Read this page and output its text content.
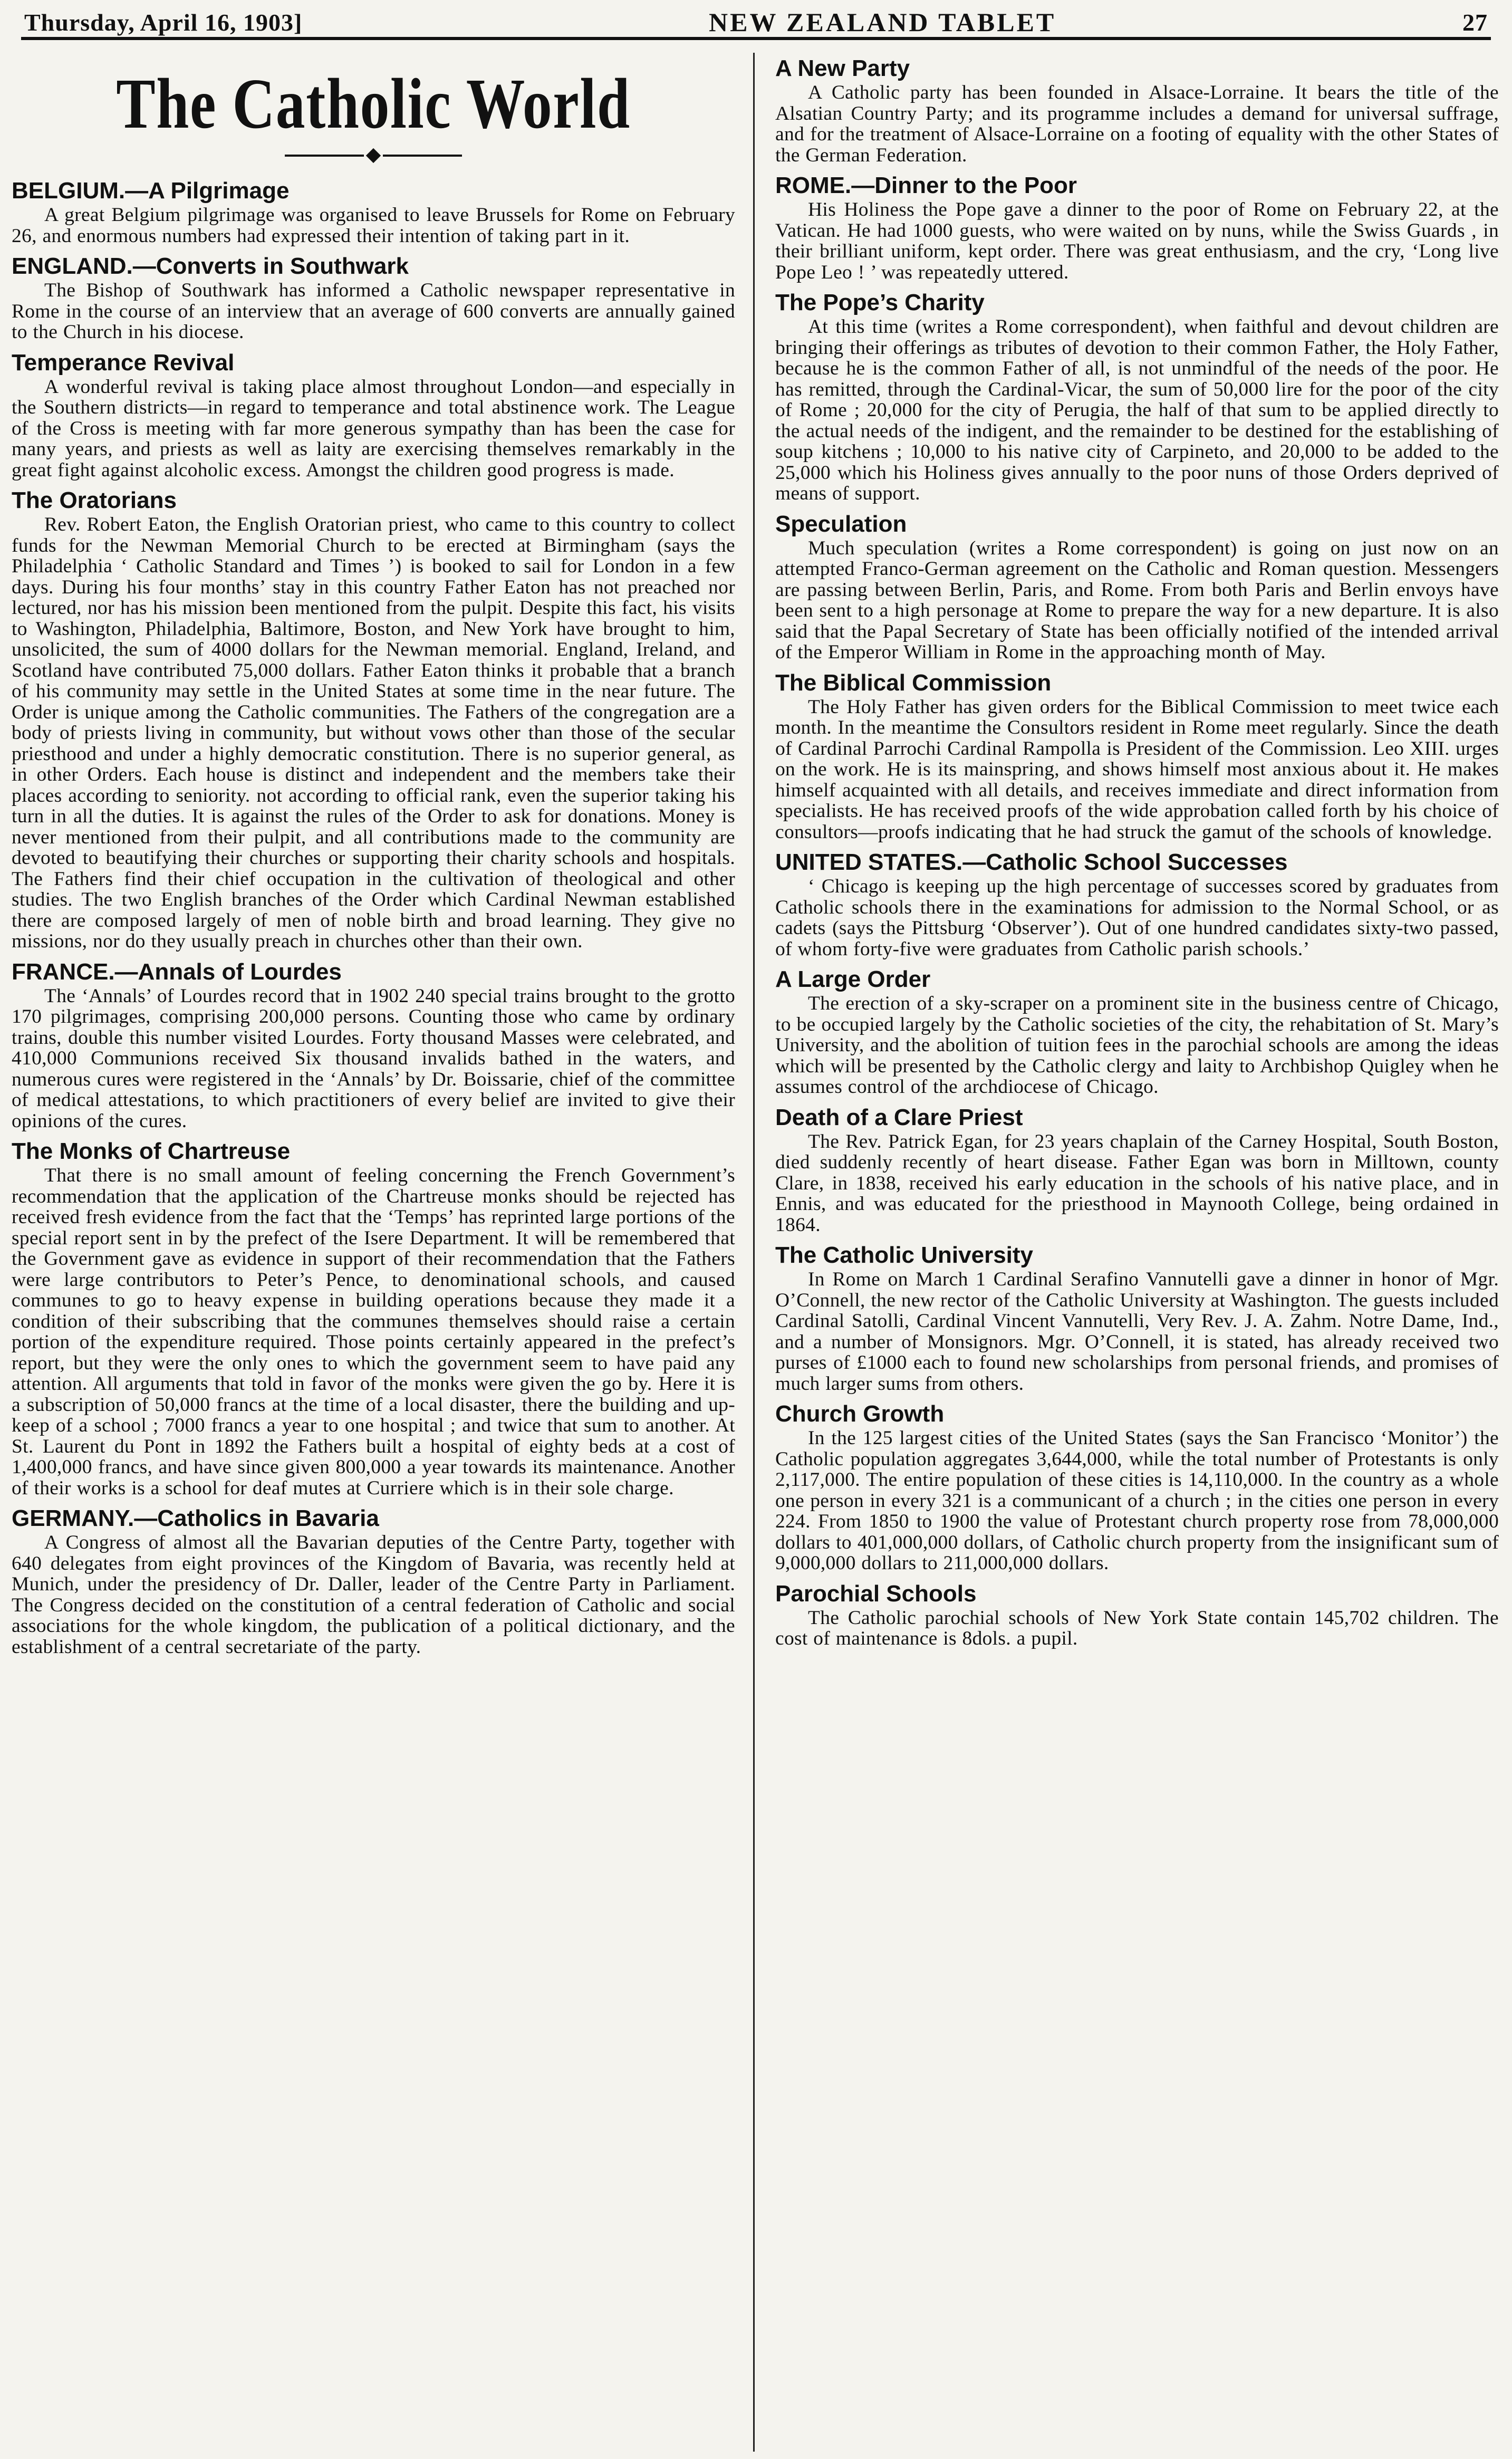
Thursday, April 16, 1903]	NEW ZEALAND TABLET	27
The Catholic World
BELGIUM.—A Pilgrimage

A great Belgium pilgrimage was organised to leave Brussels for Rome on February 26, and enormous numbers had expressed their intention of taking part in it.

ENGLAND.—Converts in Southwark

The Bishop of Southwark has informed a Catholic newspaper representative in Rome in the course of an interview that an average of 600 converts are annually gained to the Church in his diocese.

Temperance Revival

A wonderful revival is taking place almost throughout London—and especially in the Southern districts—in regard to temperance and total abstinence work. The League of the Cross is meeting with far more generous sympathy than has been the case for many years, and priests as well as laity are exercising themselves remarkably in the great fight against alcoholic excess. Amongst the children good progress is made.

The Oratorians

Rev. Robert Eaton, the English Oratorian priest, who came to this country to collect funds for the Newman Memorial Church to be erected at Birmingham (says the Philadelphia ‘ Catholic Standard and Times ’) is booked to sail for London in a few days. During his four months’ stay in this country Father Eaton has not preached nor lectured, nor has his mission been mentioned from the pulpit. Despite this fact, his visits to Washington, Philadelphia, Baltimore, Boston, and New York have brought to him, unsolicited, the sum of 4000 dollars for the Newman memorial. England, Ireland, and Scotland have contributed 75,000 dollars. Father Eaton thinks it probable that a branch of his community may settle in the United States at some time in the near future. The Order is unique among the Catholic communities. The Fathers of the congregation are a body of priests living in community, but without vows other than those of the secular priesthood and under a highly democratic constitution. There is no superior general, as in other Orders. Each house is distinct and independent and the members take their places according to seniority. not according to official rank, even the superior taking his turn in all the duties. It is against the rules of the Order to ask for donations. Money is never mentioned from their pulpit, and all contributions made to the community are devoted to beautifying their churches or supporting their charity schools and hospitals. The Fathers find their chief occupation in the cultivation of theological and other studies. The two English branches of the Order which Cardinal Newman established there are composed largely of men of noble birth and broad learning. They give no missions, nor do they usually preach in churches other than their own.

FRANCE.—Annals of Lourdes

The ‘Annals’ of Lourdes record that in 1902 240 special trains brought to the grotto 170 pilgrimages, comprising 200,000 persons. Counting those who came by ordinary trains, double this number visited Lourdes. Forty thousand Masses were celebrated, and 410,000 Communions received Six thousand invalids bathed in the waters, and numerous cures were registered in the ‘Annals’ by Dr. Boissarie, chief of the committee of medical attestations, to which practitioners of every belief are invited to give their opinions of the cures.

The Monks of Chartreuse

That there is no small amount of feeling concerning the French Government’s recommendation that the application of the Chartreuse monks should be rejected has received fresh evidence from the fact that the ‘Temps’ has reprinted large portions of the special report sent in by the prefect of the Isere Department. It will be remembered that the Government gave as evidence in support of their recommendation that the Fathers were large contributors to Peter’s Pence, to denominational schools, and caused communes to go to heavy expense in building operations because they made it a condition of their subscribing that the communes themselves should raise a certain portion of the expenditure required. Those points certainly appeared in the prefect’s report, but they were the only ones to which the government seem to have paid any attention. All arguments that told in favor of the monks were given the go by. Here it is a subscription of 50,000 francs at the time of a local disaster, there the building and up-keep of a school ; 7000 francs a year to one hospital ; and twice that sum to another. At St. Laurent du Pont in 1892 the Fathers built a hospital of eighty beds at a cost of 1,400,000 francs, and have since given 800,000 a year towards its maintenance. Another of their works is a school for deaf mutes at Curriere which is in their sole charge.

GERMANY.—Catholics in Bavaria

A Congress of almost all the Bavarian deputies of the Centre Party, together with 640 delegates from eight provinces of the Kingdom of Bavaria, was recently held at Munich, under the presidency of Dr. Daller, leader of the Centre Party in Parliament. The Congress decided on the constitution of a central federation of Catholic and social associations for the whole kingdom, the publication of a political dictionary, and the establishment of a central secretariate of the party.

A New Party

A Catholic party has been founded in Alsace-Lorraine. It bears the title of the Alsatian Country Party; and its programme includes a demand for universal suffrage, and for the treatment of Alsace-Lorraine on a footing of equality with the other States of the German Federation.

ROME.—Dinner to the Poor

His Holiness the Pope gave a dinner to the poor of Rome on February 22, at the Vatican. He had 1000 guests, who were waited on by nuns, while the Swiss Guards , in their brilliant uniform, kept order. There was great enthusiasm, and the cry, ‘Long live Pope Leo ! ’ was repeatedly uttered.

The Pope’s Charity

At this time (writes a Rome correspondent), when faithful and devout children are bringing their offerings as tributes of devotion to their common Father, the Holy Father, because he is the common Father of all, is not unmindful of the needs of the poor. He has remitted, through the Cardinal-Vicar, the sum of 50,000 lire for the poor of the city of Rome ; 20,000 for the city of Perugia, the half of that sum to be applied directly to the actual needs of the indigent, and the remainder to be destined for the establishing of soup kitchens ; 10,000 to his native city of Carpineto, and 20,000 to be added to the 25,000 which his Holiness gives annually to the poor nuns of those Orders deprived of means of support.

Speculation

Much speculation (writes a Rome correspondent) is going on just now on an attempted Franco-German agreement on the Catholic and Roman question. Messengers are passing between Berlin, Paris, and Rome. From both Paris and Berlin envoys have been sent to a high personage at Rome to prepare the way for a new departure. It is also said that the Papal Secretary of State has been officially notified of the intended arrival of the Emperor William in Rome in the approaching month of May.

The Biblical Commission

The Holy Father has given orders for the Biblical Commission to meet twice each month. In the meantime the Consultors resident in Rome meet regularly. Since the death of Cardinal Parrochi Cardinal Rampolla is President of the Commission. Leo XIII. urges on the work. He is its mainspring, and shows himself most anxious about it. He makes himself acquainted with all details, and receives immediate and direct information from specialists. He has received proofs of the wide approbation called forth by his choice of consultors—proofs indicating that he had struck the gamut of the schools of knowledge.

UNITED STATES.—Catholic School Successes

‘ Chicago is keeping up the high percentage of successes scored by graduates from Catholic schools there in the examinations for admission to the Normal School, or as cadets (says the Pittsburg ‘Observer’). Out of one hundred candidates sixty-two passed, of whom forty-five were graduates from Catholic parish schools.’

A Large Order

The erection of a sky-scraper on a prominent site in the business centre of Chicago, to be occupied largely by the Catholic societies of the city, the rehabitation of St. Mary’s University, and the abolition of tuition fees in the parochial schools are among the ideas which will be presented by the Catholic clergy and laity to Archbishop Quigley when he assumes control of the archdiocese of Chicago.

Death of a Clare Priest

The Rev. Patrick Egan, for 23 years chaplain of the Carney Hospital, South Boston, died suddenly recently of heart disease. Father Egan was born in Milltown, county Clare, in 1838, received his early education in the schools of his native place, and in Ennis, and was educated for the priesthood in Maynooth College, being ordained in 1864.

The Catholic University

In Rome on March 1 Cardinal Serafino Vannutelli gave a dinner in honor of Mgr. O’Connell, the new rector of the Catholic University at Washington. The guests included Cardinal Satolli, Cardinal Vincent Vannutelli, Very Rev. J. A. Zahm. Notre Dame, Ind., and a number of Monsignors. Mgr. O’Connell, it is stated, has already received two purses of £1000 each to found new scholarships from personal friends, and promises of much larger sums from others.

Church Growth

In the 125 largest cities of the United States (says the San Francisco ‘Monitor’) the Catholic population aggregates 3,644,000, while the total number of Protestants is only 2,117,000. The entire population of these cities is 14,110,000. In the country as a whole one person in every 321 is a communicant of a church ; in the cities one person in every 224. From 1850 to 1900 the value of Protestant church property rose from 78,000,000 dollars to 401,000,000 dollars, of Catholic church property from the insignificant sum of 9,000,000 dollars to 211,000,000 dollars.

Parochial Schools

The Catholic parochial schools of New York State contain 145,702 children. The cost of maintenance is 8dols. a pupil.
